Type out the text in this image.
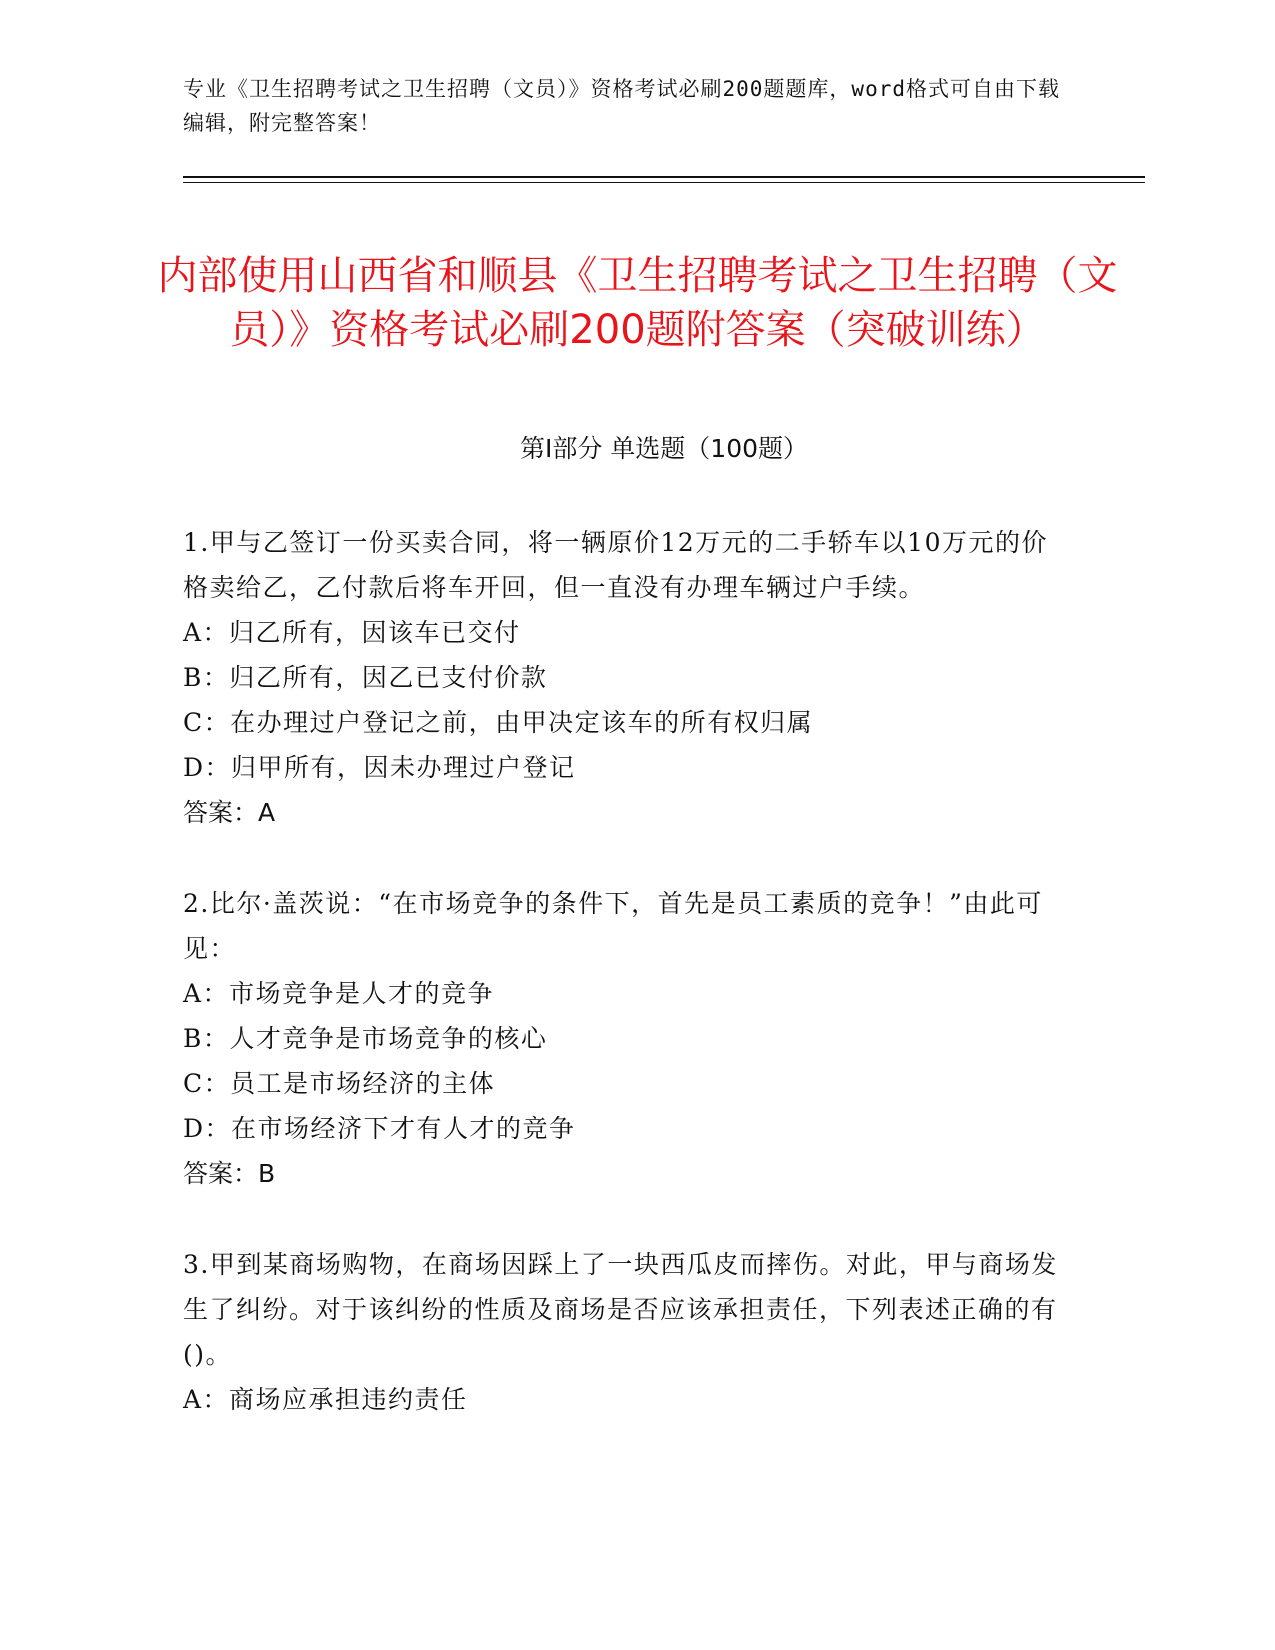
专业《卫生招聘考试之卫生招聘（文员）》资格考试必刷200题题库，word格式可自由下载编辑，附完整答案！
内部使用山西省和顺县《卫生招聘考试之卫生招聘（文员）》资格考试必刷200题附答案（突破训练）
第I部分 单选题（100题）
1.甲与乙签订一份买卖合同，将一辆原价12万元的二手轿车以10万元的价格卖给乙，乙付款后将车开回，但一直没有办理车辆过户手续。
A：归乙所有，因该车已交付
B：归乙所有，因乙已支付价款
C：在办理过户登记之前，由甲决定该车的所有权归属
D：归甲所有，因未办理过户登记
答案：A
2.比尔·盖茨说：“在市场竞争的条件下，首先是员工素质的竞争！”由此可见：
A：市场竞争是人才的竞争
B：人才竞争是市场竞争的核心
C：员工是市场经济的主体
D：在市场经济下才有人才的竞争
答案：B
3.甲到某商场购物，在商场因踩上了一块西瓜皮而摔伤。对此，甲与商场发生了纠纷。对于该纠纷的性质及商场是否应该承担责任，下列表述正确的有()。
A：商场应承担违约责任
